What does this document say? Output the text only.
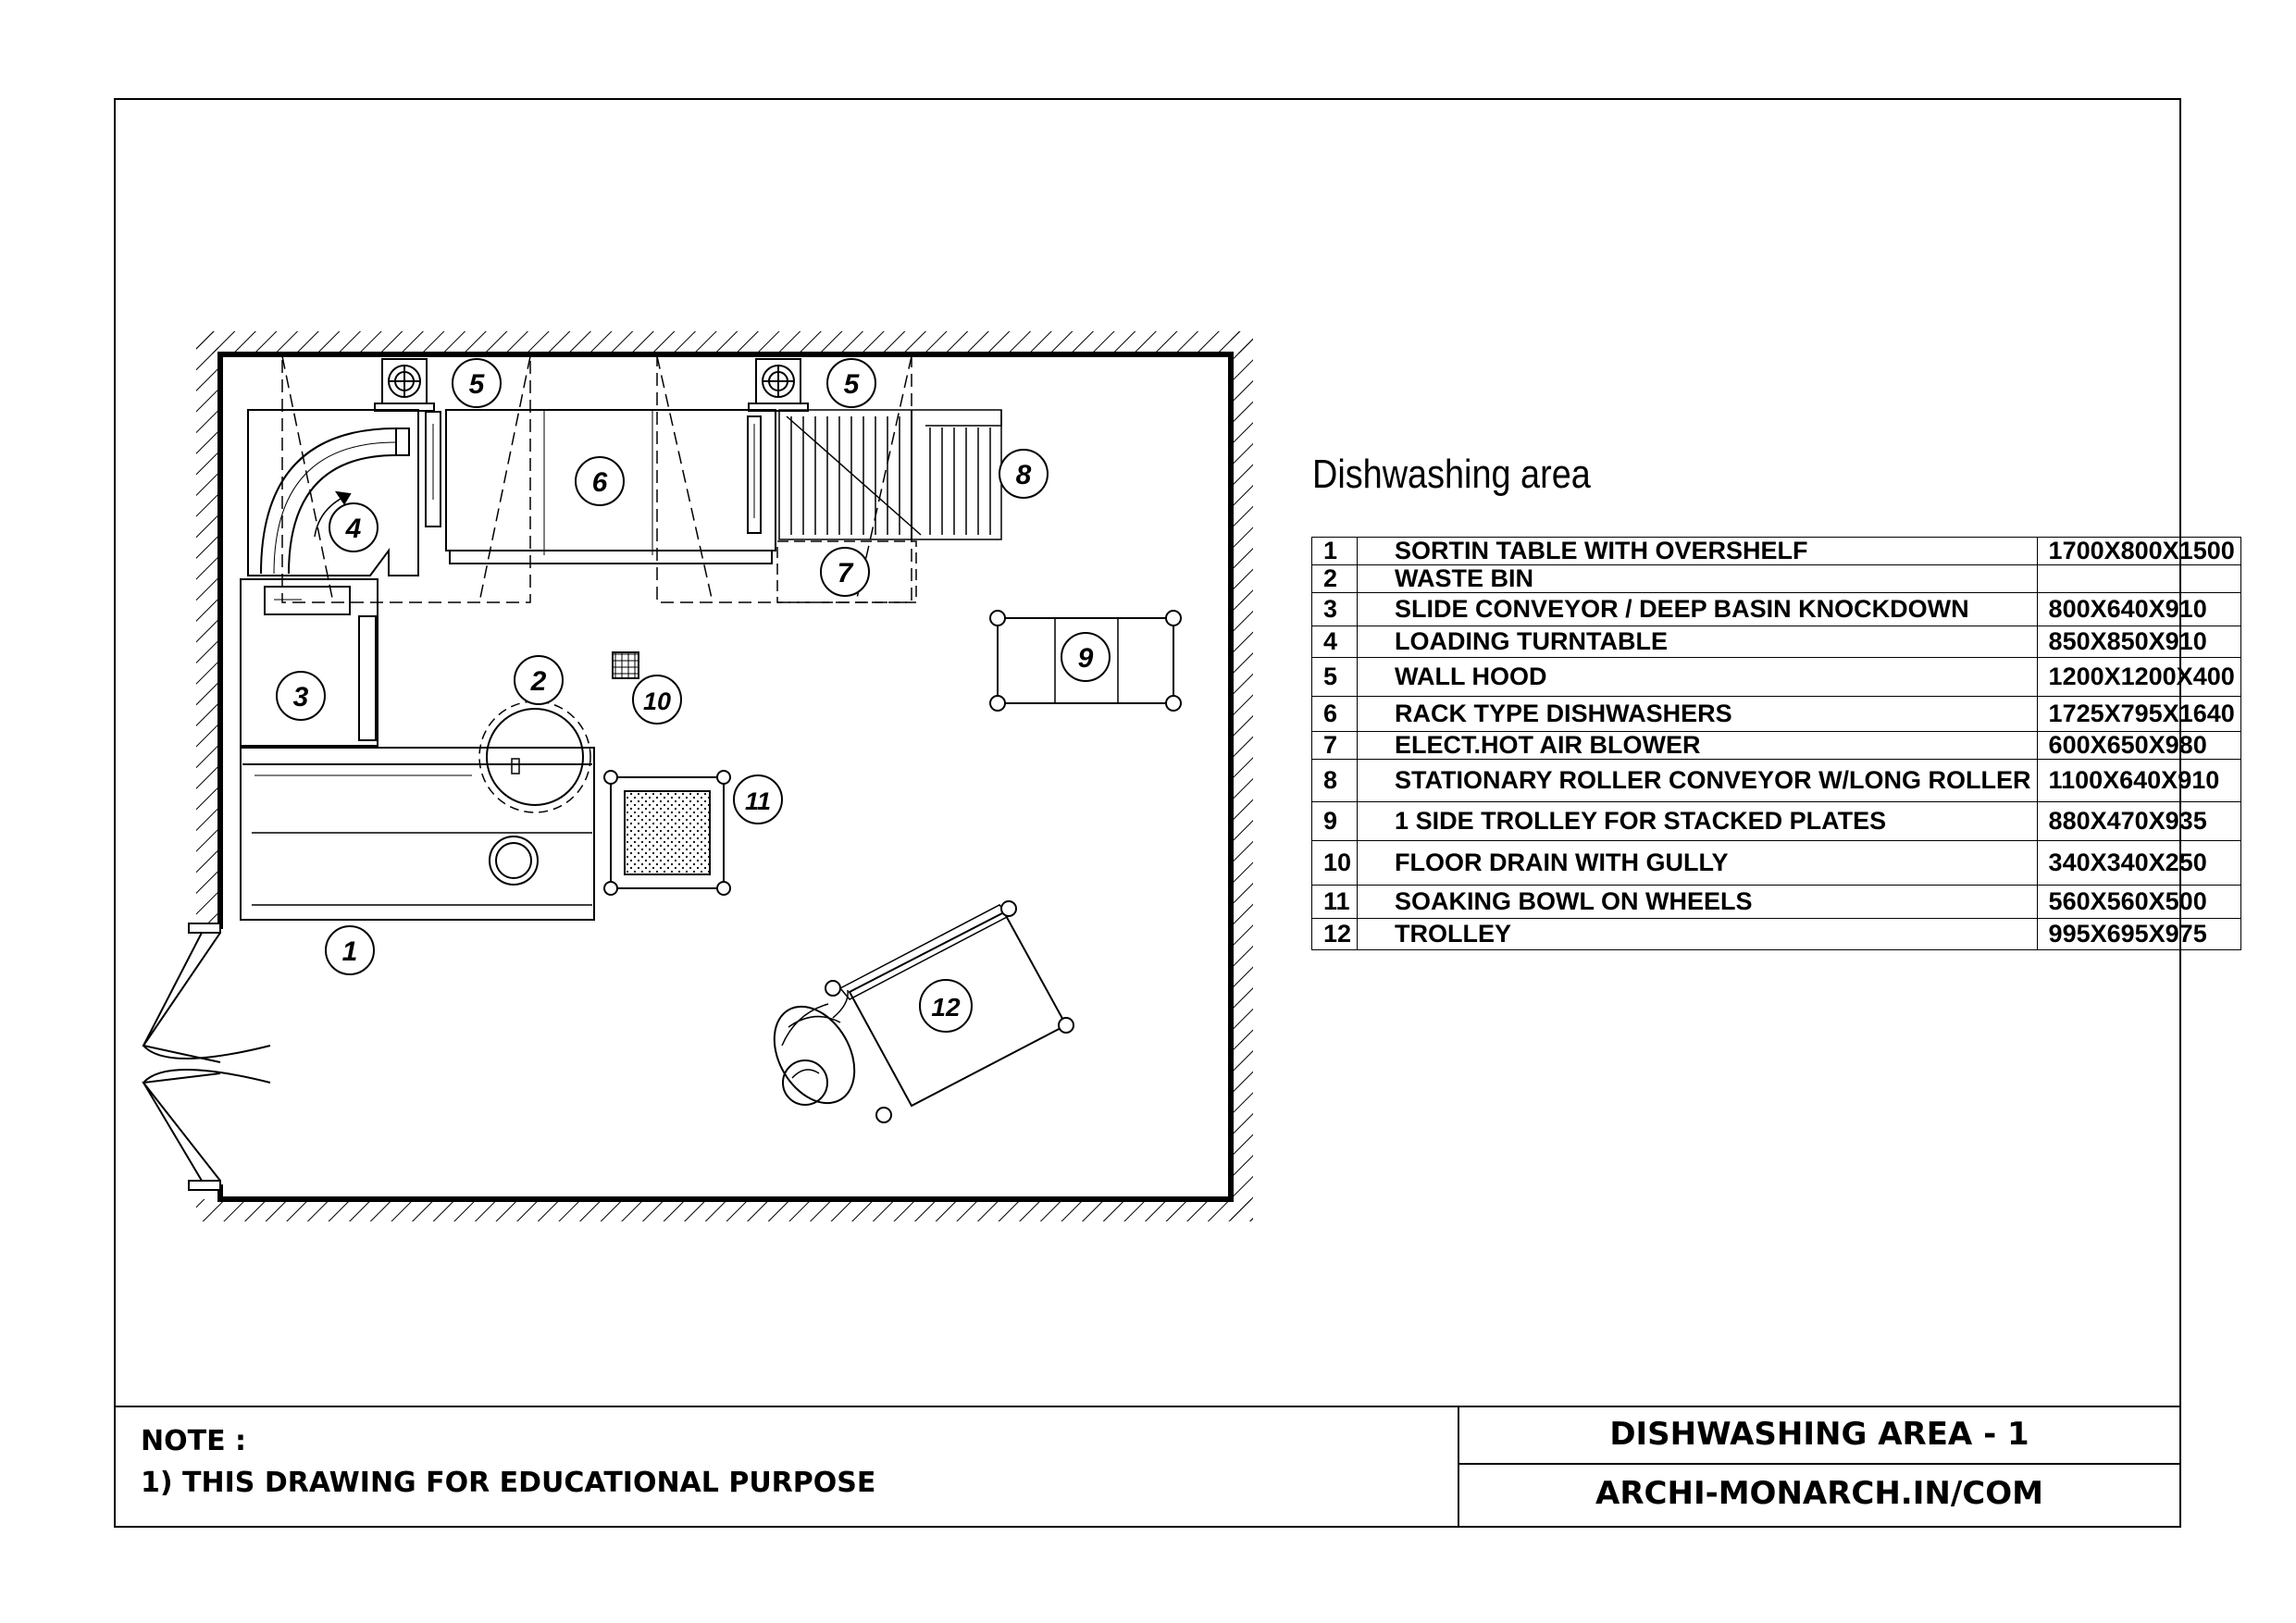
1
2
3
4
5	5
6
7
8
9
10
11
12
Dishwashing area
1	SORTIN TABLE WITH OVERSHELF	1700X800X1500
2	WASTE BIN	
3	SLIDE CONVEYOR / DEEP BASIN KNOCKDOWN	800X640X910
4	LOADING TURNTABLE	850X850X910
5	WALL HOOD	1200X1200X400
6	RACK TYPE DISHWASHERS	1725X795X1640
7	ELECT.HOT AIR BLOWER	600X650X980
8	STATIONARY ROLLER CONVEYOR W/LONG ROLLER	1100X640X910
9	1 SIDE TROLLEY FOR STACKED PLATES	880X470X935
10	FLOOR DRAIN WITH GULLY	340X340X250
11	SOAKING BOWL ON WHEELS	560X560X500
12	TROLLEY	995X695X975
NOTE :
1) THIS DRAWING FOR EDUCATIONAL PURPOSE
DISHWASHING AREA - 1
ARCHI-MONARCH.IN/COM
